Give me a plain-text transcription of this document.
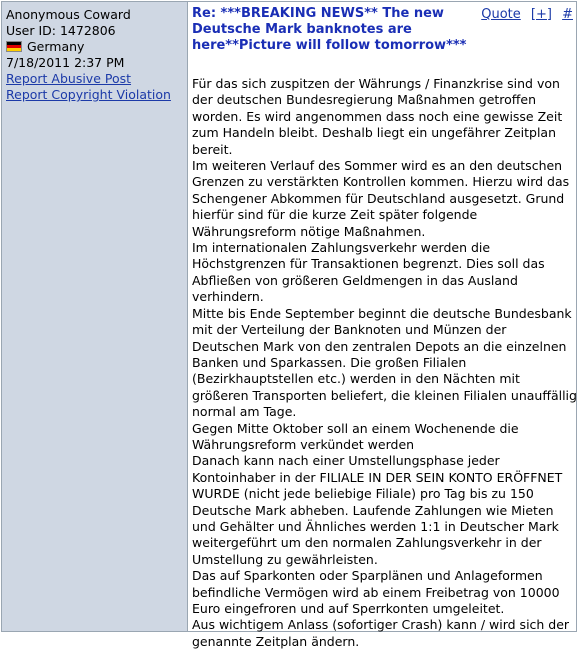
Anonymous Coward
User ID: 1472806
Germany
7/18/2011 2:37 PM
Report Abusive Post
Report Copyright Violation
Re: ***BREAKING NEWS** The new Deutsche Mark banknotes are here**Picture will follow tomorrow***
Quote [+] #

Für das sich zuspitzen der Währungs / Finanzkrise sind von der deutschen Bundesregierung Maßnahmen getroffen worden. Es wird angenommen dass noch eine gewisse Zeit zum Handeln bleibt. Deshalb liegt ein ungefährer Zeitplan bereit.

Im weiteren Verlauf des Sommer wird es an den deutschen Grenzen zu verstärkten Kontrollen kommen. Hierzu wird das Schengener Abkommen für Deutschland ausgesetzt. Grund hierfür sind für die kurze Zeit später folgende Währungsreform nötige Maßnahmen.

Im internationalen Zahlungsverkehr werden die Höchstgrenzen für Transaktionen begrenzt. Dies soll das Abfließen von größeren Geldmengen in das Ausland verhindern.

Mitte bis Ende September beginnt die deutsche Bundesbank mit der Verteilung der Banknoten und Münzen der Deutschen Mark von den zentralen Depots an die einzelnen Banken und Sparkassen. Die großen Filialen (Bezirkhauptstellen etc.) werden in den Nächten mit größeren Transporten beliefert, die kleinen Filialen unauffällig normal am Tage.

Gegen Mitte Oktober soll an einem Wochenende die Währungsreform verkündet werden

Danach kann nach einer Umstellungsphase jeder Kontoinhaber in der FILIALE IN DER SEIN KONTO ERÖFFNET WURDE (nicht jede beliebige Filiale) pro Tag bis zu 150 Deutsche Mark abheben. Laufende Zahlungen wie Mieten und Gehälter und Ähnliches werden 1:1 in Deutscher Mark weitergeführt um den normalen Zahlungsverkehr in der Umstellung zu gewährleisten.

Das auf Sparkonten oder Sparplänen und Anlageformen befindliche Vermögen wird ab einem Freibetrag von 10000 Euro eingefroren und auf Sperrkonten umgeleitet.

Aus wichtigem Anlass (sofortiger Crash) kann / wird sich der genannte Zeitplan ändern.
